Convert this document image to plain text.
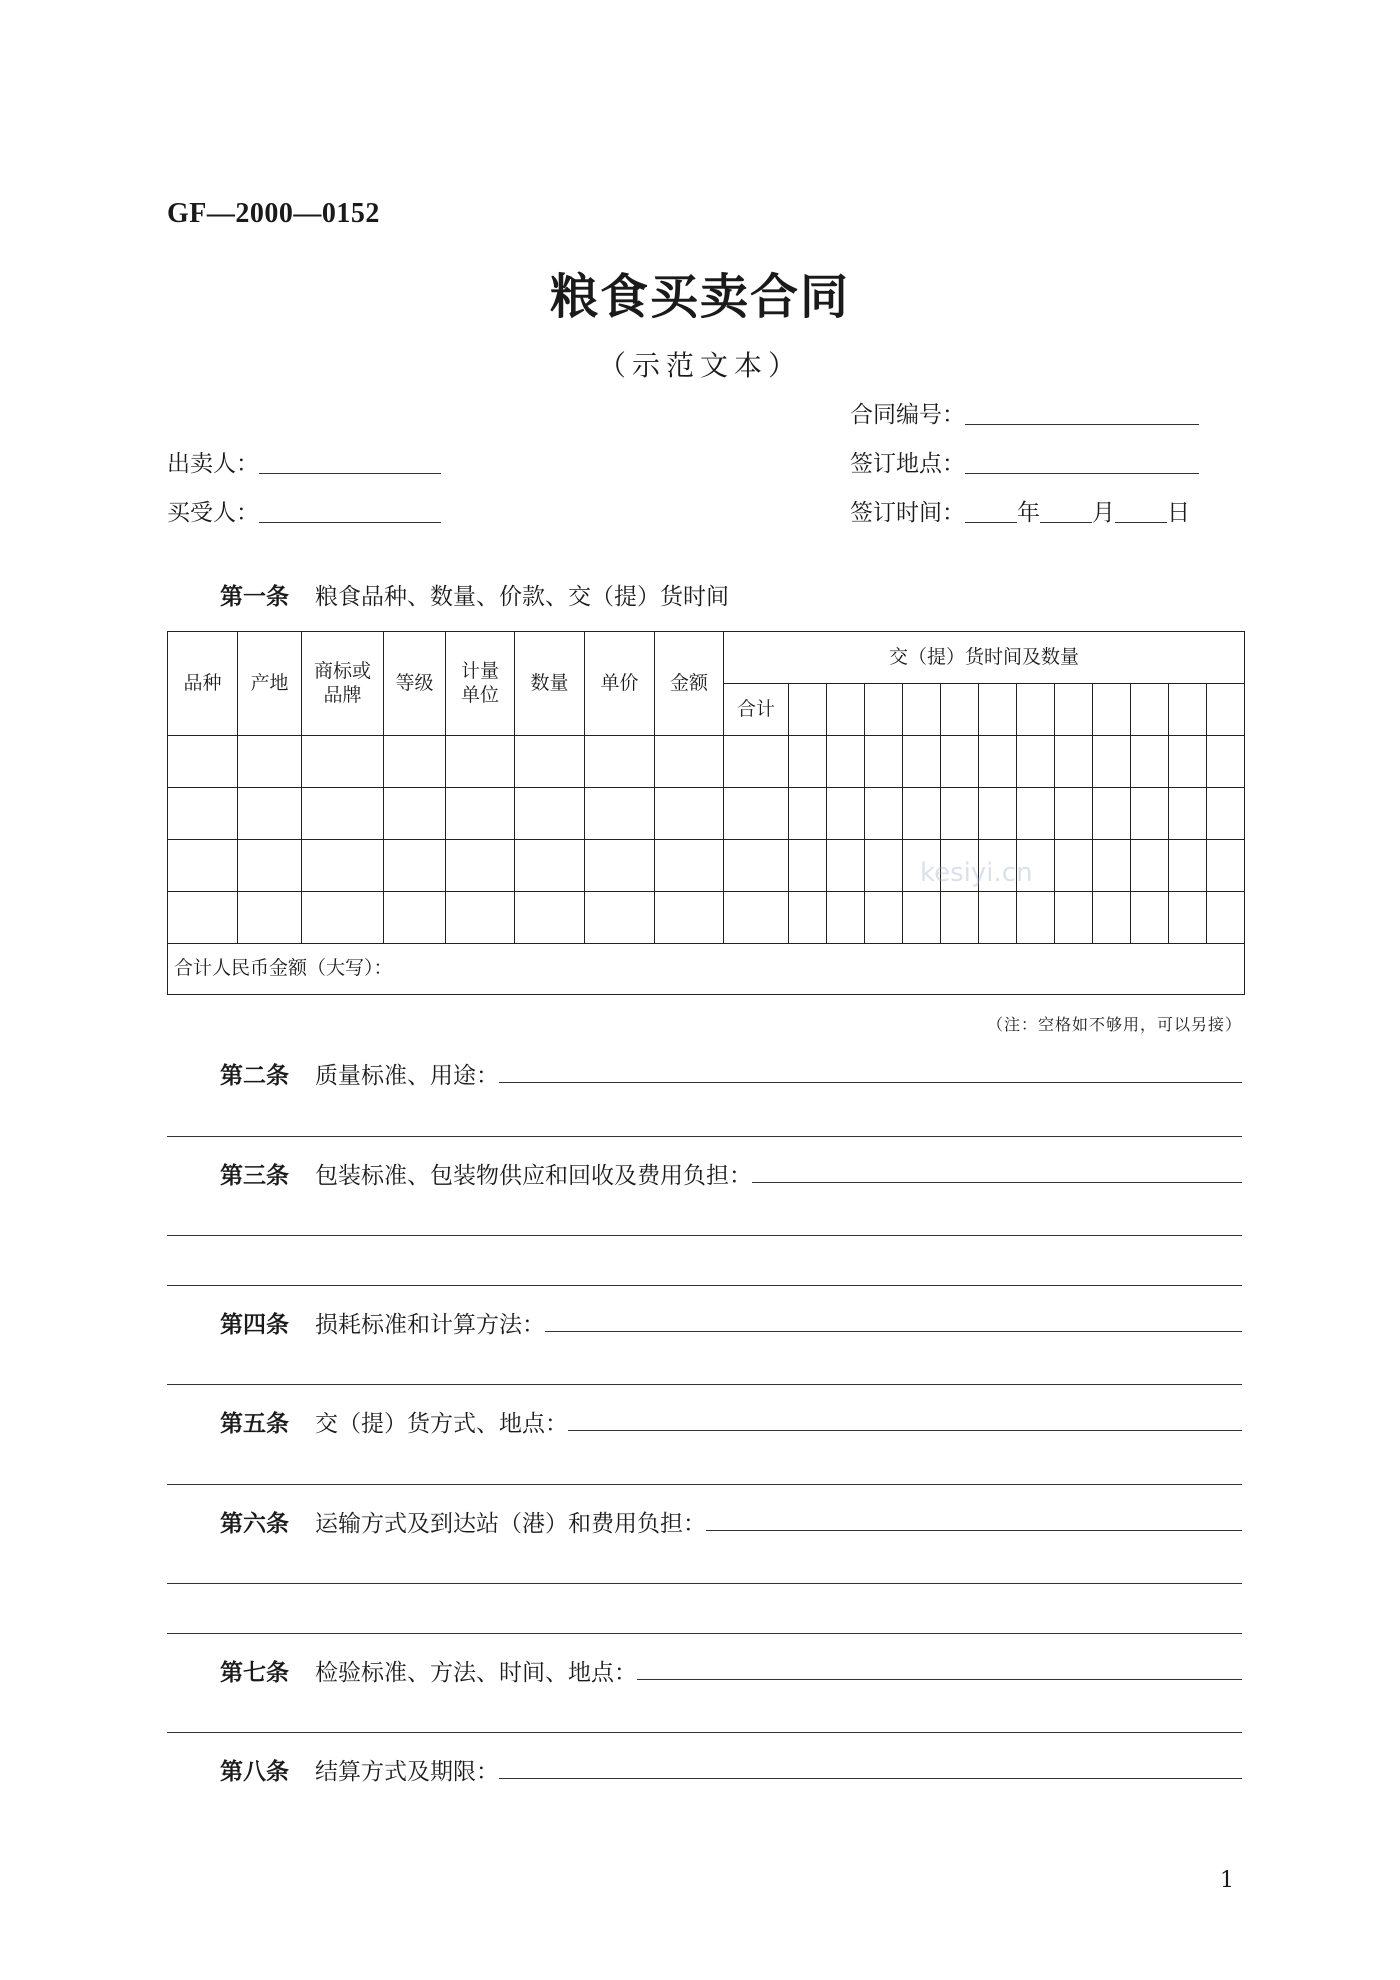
GF—2000—0152
粮食买卖合同
（示范文本）
合同编号：
出卖人：	签订地点：
买受人：	签订时间： 年 月 日
第一条 粮食品种、数量、价款、交（提）货时间
品种	产地	商标或品牌	等级	计量单位	数量	单价	金额	交（提）货时间及数量												
								合计												

合计人民币金额（大写）：																				
（注：空格如不够用，可以另接）
kesiyi.cn
第二条 质量标准、用途：
第三条 包装标准、包装物供应和回收及费用负担：
第四条 损耗标准和计算方法：
第五条 交（提）货方式、地点：
第六条 运输方式及到达站（港）和费用负担：
第七条 检验标准、方法、时间、地点：
第八条 结算方式及期限：
1
